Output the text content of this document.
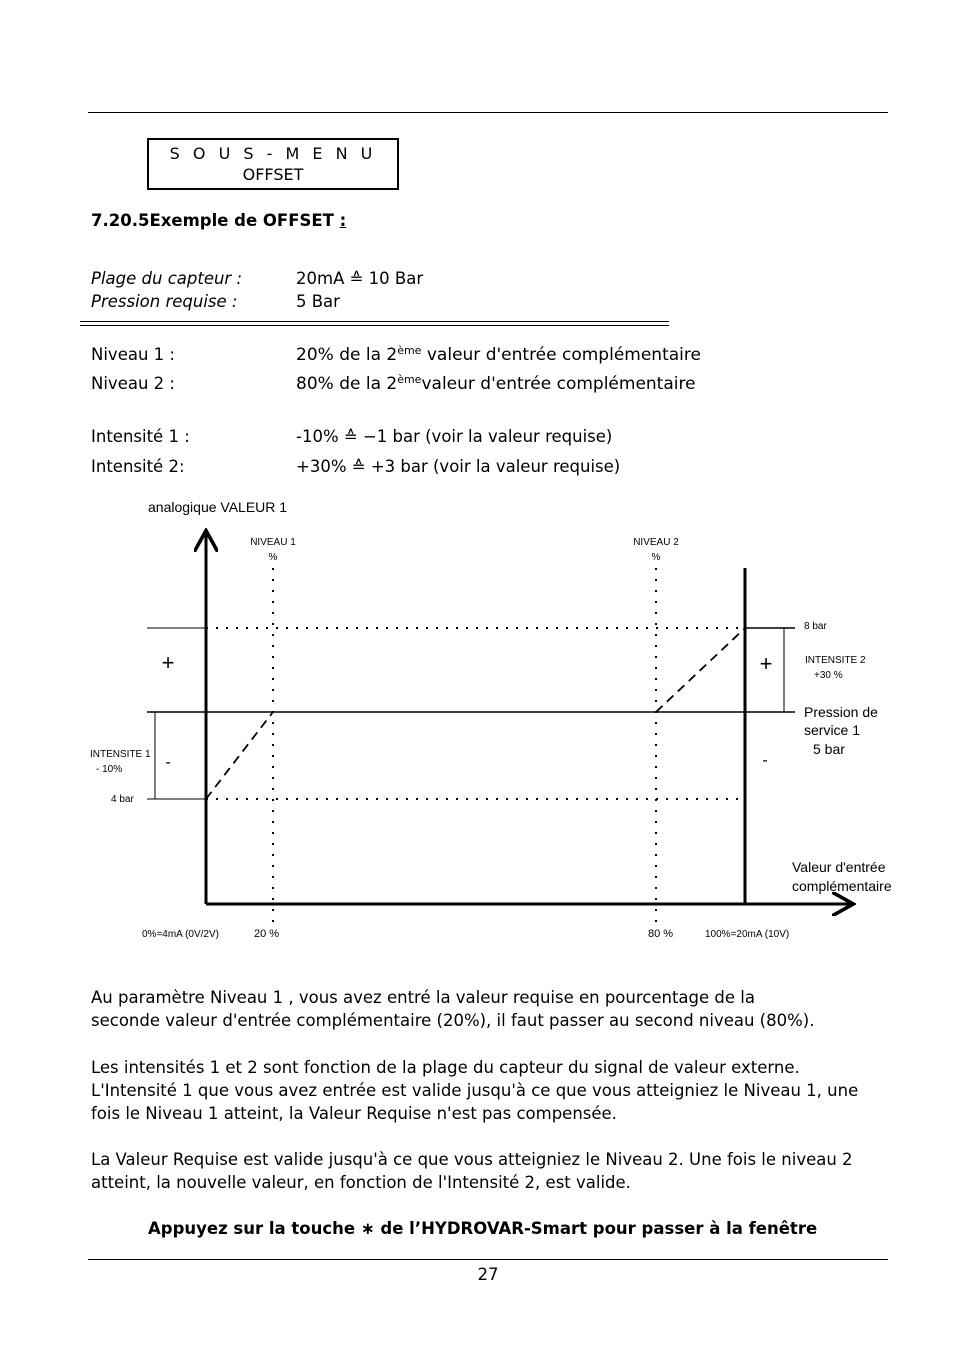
S O U S - M E N U
OFFSET
7.20.5Exemple de OFFSET :
Plage du capteur :	20mA ≙ 10 Bar
Pression requise :	5 Bar
Niveau 1 :	20% de la 2ème valeur d'entrée complémentaire
Niveau 2 :	80% de la 2èmevaleur d'entrée complémentaire
Intensité 1 :	-10% ≙ −1 bar (voir la valeur requise)
Intensité 2:	+30% ≙ +3 bar (voir la valeur requise)
analogique VALEUR 1
NIVEAU 1
%
NIVEAU 2
%
+
-
+
-
INTENSITE 1
- 10%
4 bar
8 bar
INTENSITE 2
+30 %
Pression de
service 1
5 bar
Valeur d'entrée
complémentaire
0%=4mA (0V/2V)	20 %	80 %	100%=20mA (10V)
Au paramètre Niveau 1 , vous avez entré la valeur requise en pourcentage de la
seconde valeur d'entrée complémentaire (20%), il faut passer au second niveau (80%).
Les intensités 1 et 2 sont fonction de la plage du capteur du signal de valeur externe.
L'Intensité 1 que vous avez entrée est valide jusqu'à ce que vous atteigniez le Niveau 1, une
fois le Niveau 1 atteint, la Valeur Requise n'est pas compensée.
La Valeur Requise est valide jusqu'à ce que vous atteigniez le Niveau 2. Une fois le niveau 2
atteint, la nouvelle valeur, en fonction de l'Intensité 2, est valide.
Appuyez sur la touche ∗ de l’HYDROVAR-Smart pour passer à la fenêtre
27
